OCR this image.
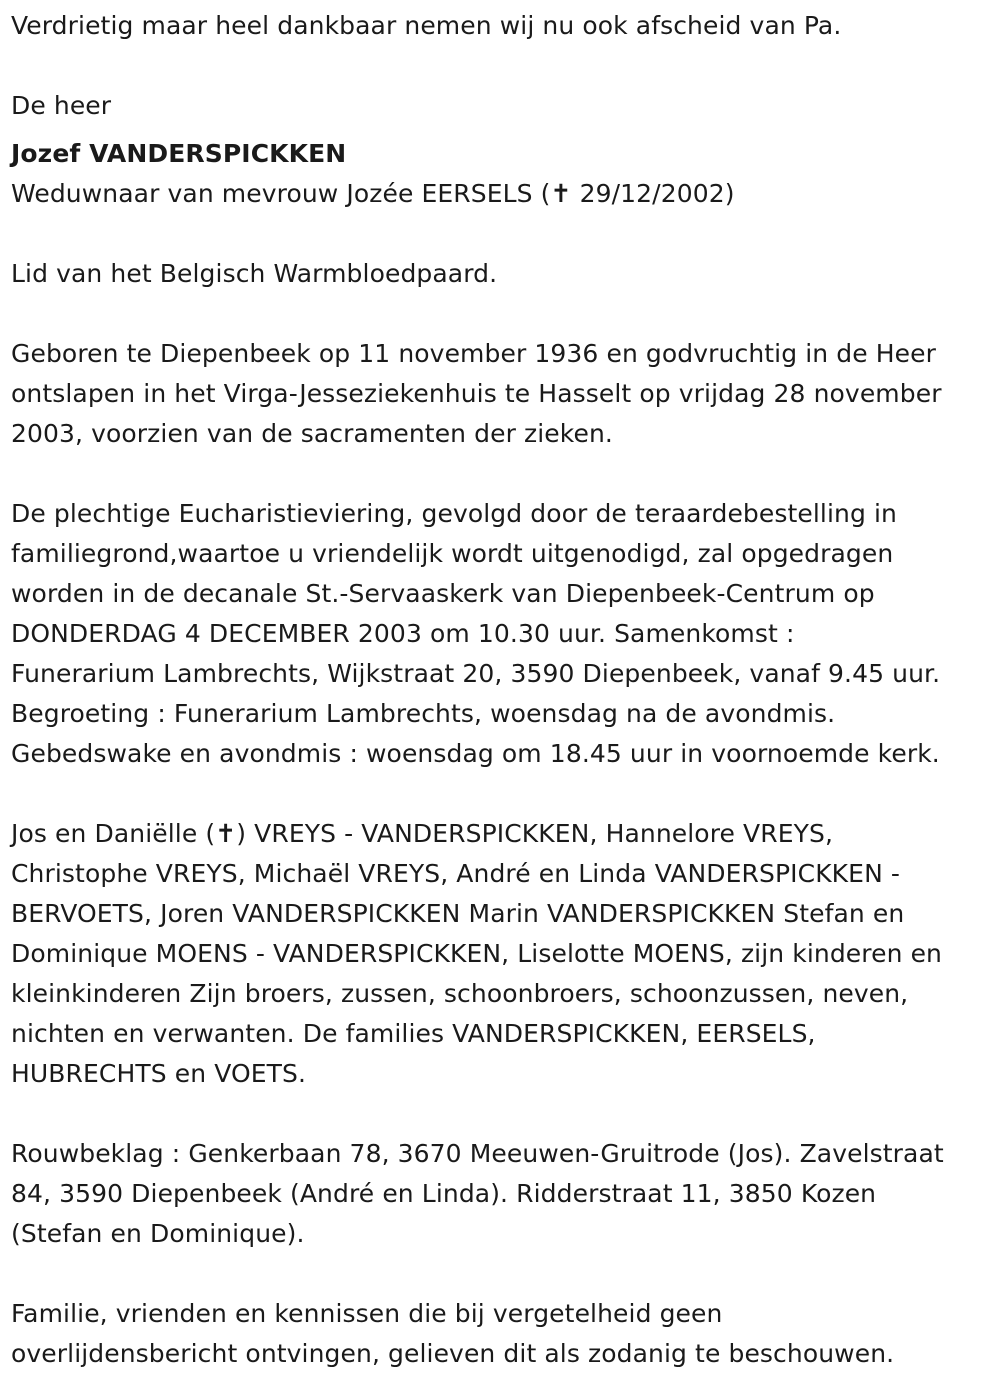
Verdrietig maar heel dankbaar nemen wij nu ook afscheid van Pa.
De heer
Jozef VANDERSPICKKEN
Weduwnaar van mevrouw Jozée EERSELS (✝ 29/12/2002)
Lid van het Belgisch Warmbloedpaard.
Geboren te Diepenbeek op 11 november 1936 en godvruchtig in de Heer
ontslapen in het Virga-Jesseziekenhuis te Hasselt op vrijdag 28 november
2003, voorzien van de sacramenten der zieken.
De plechtige Eucharistieviering, gevolgd door de teraardebestelling in
familiegrond,waartoe u vriendelijk wordt uitgenodigd, zal opgedragen
worden in de decanale St.-Servaaskerk van Diepenbeek-Centrum op
DONDERDAG 4 DECEMBER 2003 om 10.30 uur. Samenkomst :
Funerarium Lambrechts, Wijkstraat 20, 3590 Diepenbeek, vanaf 9.45 uur.
Begroeting : Funerarium Lambrechts, woensdag na de avondmis.
Gebedswake en avondmis : woensdag om 18.45 uur in voornoemde kerk.
Jos en Daniëlle (✝) VREYS - VANDERSPICKKEN, Hannelore VREYS,
Christophe VREYS, Michaël VREYS, André en Linda VANDERSPICKKEN -
BERVOETS, Joren VANDERSPICKKEN Marin VANDERSPICKKEN Stefan en
Dominique MOENS - VANDERSPICKKEN, Liselotte MOENS, zijn kinderen en
kleinkinderen Zijn broers, zussen, schoonbroers, schoonzussen, neven,
nichten en verwanten. De families VANDERSPICKKEN, EERSELS,
HUBRECHTS en VOETS.
Rouwbeklag : Genkerbaan 78, 3670 Meeuwen-Gruitrode (Jos). Zavelstraat
84, 3590 Diepenbeek (André en Linda). Ridderstraat 11, 3850 Kozen
(Stefan en Dominique).
Familie, vrienden en kennissen die bij vergetelheid geen
overlijdensbericht ontvingen, gelieven dit als zodanig te beschouwen.
